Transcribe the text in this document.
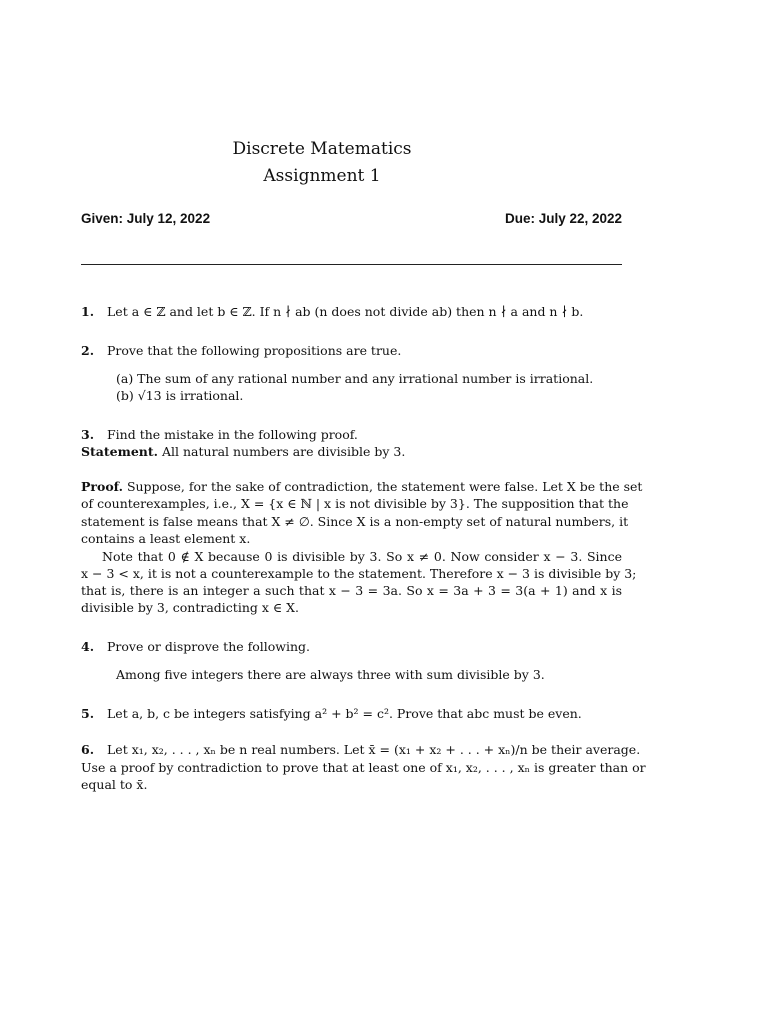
Discrete Matematics
Assignment 1
Given: July 12, 2022	Due: July 22, 2022
1. Let a ∈ ℤ and let b ∈ ℤ. If n ∤ ab (n does not divide ab) then n ∤ a and n ∤ b.
2. Prove that the following propositions are true.
(a) The sum of any rational number and any irrational number is irrational.
(b) √13 is irrational.
3. Find the mistake in the following proof.
Statement. All natural numbers are divisible by 3.
Proof. Suppose, for the sake of contradiction, the statement were false. Let X be the set
of counterexamples, i.e., X = {x ∈ ℕ | x is not divisible by 3}. The supposition that the
statement is false means that X ≠ ∅. Since X is a non-empty set of natural numbers, it
contains a least element x.
Note that 0 ∉ X because 0 is divisible by 3. So x ≠ 0. Now consider x − 3. Since
x − 3 < x, it is not a counterexample to the statement. Therefore x − 3 is divisible by 3;
that is, there is an integer a such that x − 3 = 3a. So x = 3a + 3 = 3(a + 1) and x is
divisible by 3, contradicting x ∈ X.
4. Prove or disprove the following.
Among five integers there are always three with sum divisible by 3.
5. Let a, b, c be integers satisfying a² + b² = c². Prove that abc must be even.
6. Let x₁, x₂, . . . , xₙ be n real numbers. Let x̄ = (x₁ + x₂ + . . . + xₙ)/n be their average.
Use a proof by contradiction to prove that at least one of x₁, x₂, . . . , xₙ is greater than or
equal to x̄.
